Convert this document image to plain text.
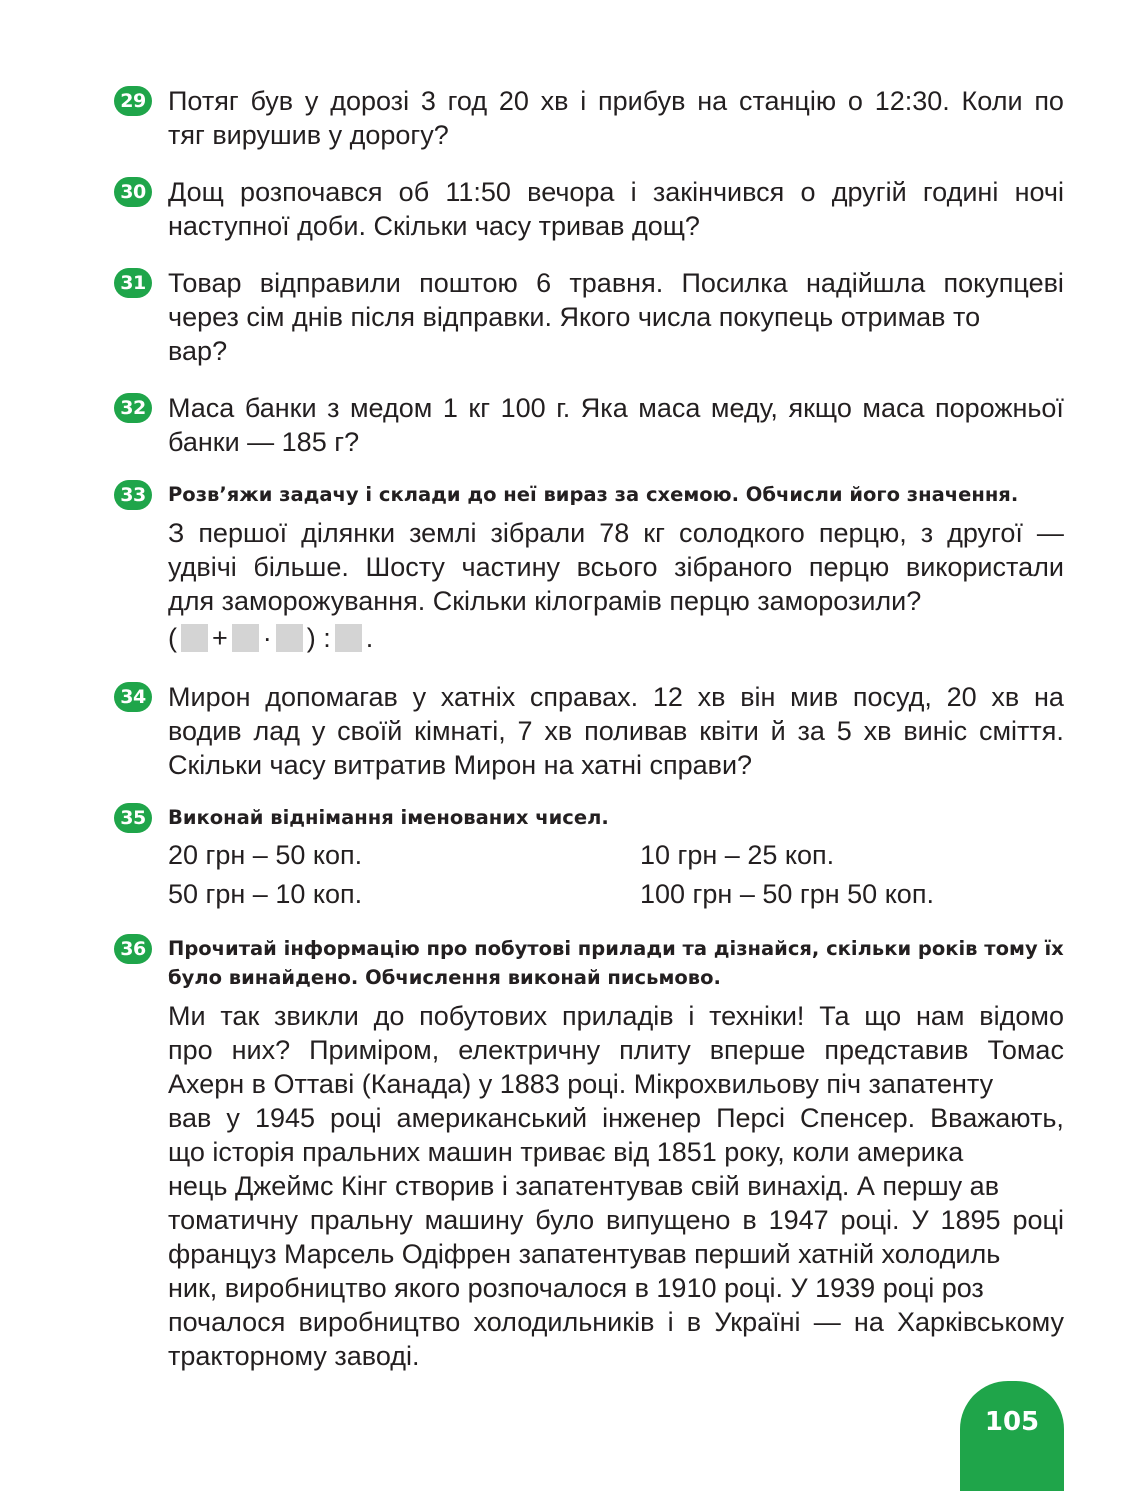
29 Потяг був у дорозі 3 год 20 хв і прибув на станцію о 12:30. Коли по
тяг вирушив у дорогу?
30 Дощ розпочався об 11:50 вечора і закінчився о другій годині ночі
наступної доби. Скільки часу тривав дощ?
31 Товар відправили поштою 6 травня. Посилка надійшла покупцеві
через сім днів після відправки. Якого числа покупець отримав то
вар?
32 Маса банки з медом 1 кг 100 г. Яка маса меду, якщо маса порожньої
банки — 185 г?
33	Розв’яжи задачу і склади до неї вираз за схемою. Обчисли його значення.
З першої ділянки землі зібрали 78 кг солодкого перцю, з другої —
удвічі більше. Шосту частину всього зібраного перцю використали
для заморожування. Скільки кілограмів перцю заморозили?
( + · ) : .
34 Мирон допомагав у хатніх справах. 12 хв він мив посуд, 20 хв на
водив лад у своїй кімнаті, 7 хв поливав квіти й за 5 хв виніс сміття.
Скільки часу витратив Мирон на хатні справи?
35	Виконай віднімання іменованих чисел.
20 грн – 50 коп.	10 грн – 25 коп.
50 грн – 10 коп.	100 грн – 50 грн 50 коп.
36	Прочитай інформацію про побутові прилади та дізнайся, скільки років тому їх
було винайдено. Обчислення виконай письмово.
Ми так звикли до побутових приладів і техніки! Та що нам відомо
про них? Приміром, електричну плиту вперше представив Томас
Ахерн в Оттаві (Канада) у 1883 році. Мікрохвильову піч запатенту
вав у 1945 році американський інженер Персі Спенсер. Вважають,
що історія пральних машин триває від 1851 року, коли америка
нець Джеймс Кінг створив і запатентував свій винахід. А першу ав
томатичну пральну машину було випущено в 1947 році. У 1895 році
француз Марсель Одіфрен запатентував перший хатній холодиль
ник, виробництво якого розпочалося в 1910 році. У 1939 році роз
почалося виробництво холодильників і в Україні — на Харківському
тракторному заводі.
105
